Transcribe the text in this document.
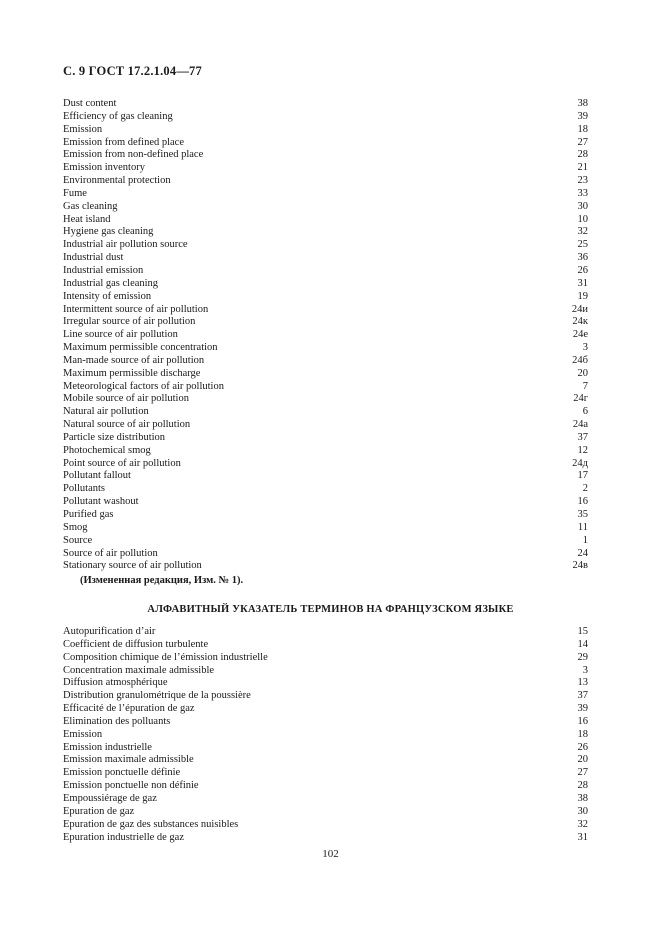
С. 9 ГОСТ 17.2.1.04—77
Dust content	38
Efficiency of gas cleaning	39
Emission	18
Emission from defined place	27
Emission from non-defined place	28
Emission inventory	21
Environmental protection	23
Fume	33
Gas cleaning	30
Heat island	10
Hygiene gas cleaning	32
Industrial air pollution source	25
Industrial dust	36
Industrial emission	26
Industrial gas cleaning	31
Intensity of emission	19
Intermittent source of air pollution	24и
Irregular source of air pollution	24к
Line source of air pollution	24е
Maximum permissible concentration	3
Man-made source of air pollution	24б
Maximum permissible discharge	20
Meteorological factors of air pollution	7
Mobile source of air pollution	24г
Natural air pollution	6
Natural source of air pollution	24а
Particle size distribution	37
Photochemical smog	12
Point source of air pollution	24д
Pollutant fallout	17
Pollutants	2
Pollutant washout	16
Purified gas	35
Smog	11
Source	1
Source of air pollution	24
Stationary source of air pollution	24в
(Измененная редакция, Изм. № 1).
АЛФАВИТНЫЙ УКАЗАТЕЛЬ ТЕРМИНОВ НА ФРАНЦУЗСКОМ ЯЗЫКЕ
Autopurification d’air	15
Coefficient de diffusion turbulente	14
Composition chimique de l’émission industrielle	29
Concentration maximale admissible	3
Diffusion atmosphérique	13
Distribution granulométrique de la poussière	37
Efficacité de l’épuration de gaz	39
Elimination des polluants	16
Emission	18
Emission industrielle	26
Emission maximale admissible	20
Emission ponctuelle définie	27
Emission ponctuelle non définie	28
Empoussiérage de gaz	38
Epuration de gaz	30
Epuration de gaz des substances nuisibles	32
Epuration industrielle de gaz	31
102
